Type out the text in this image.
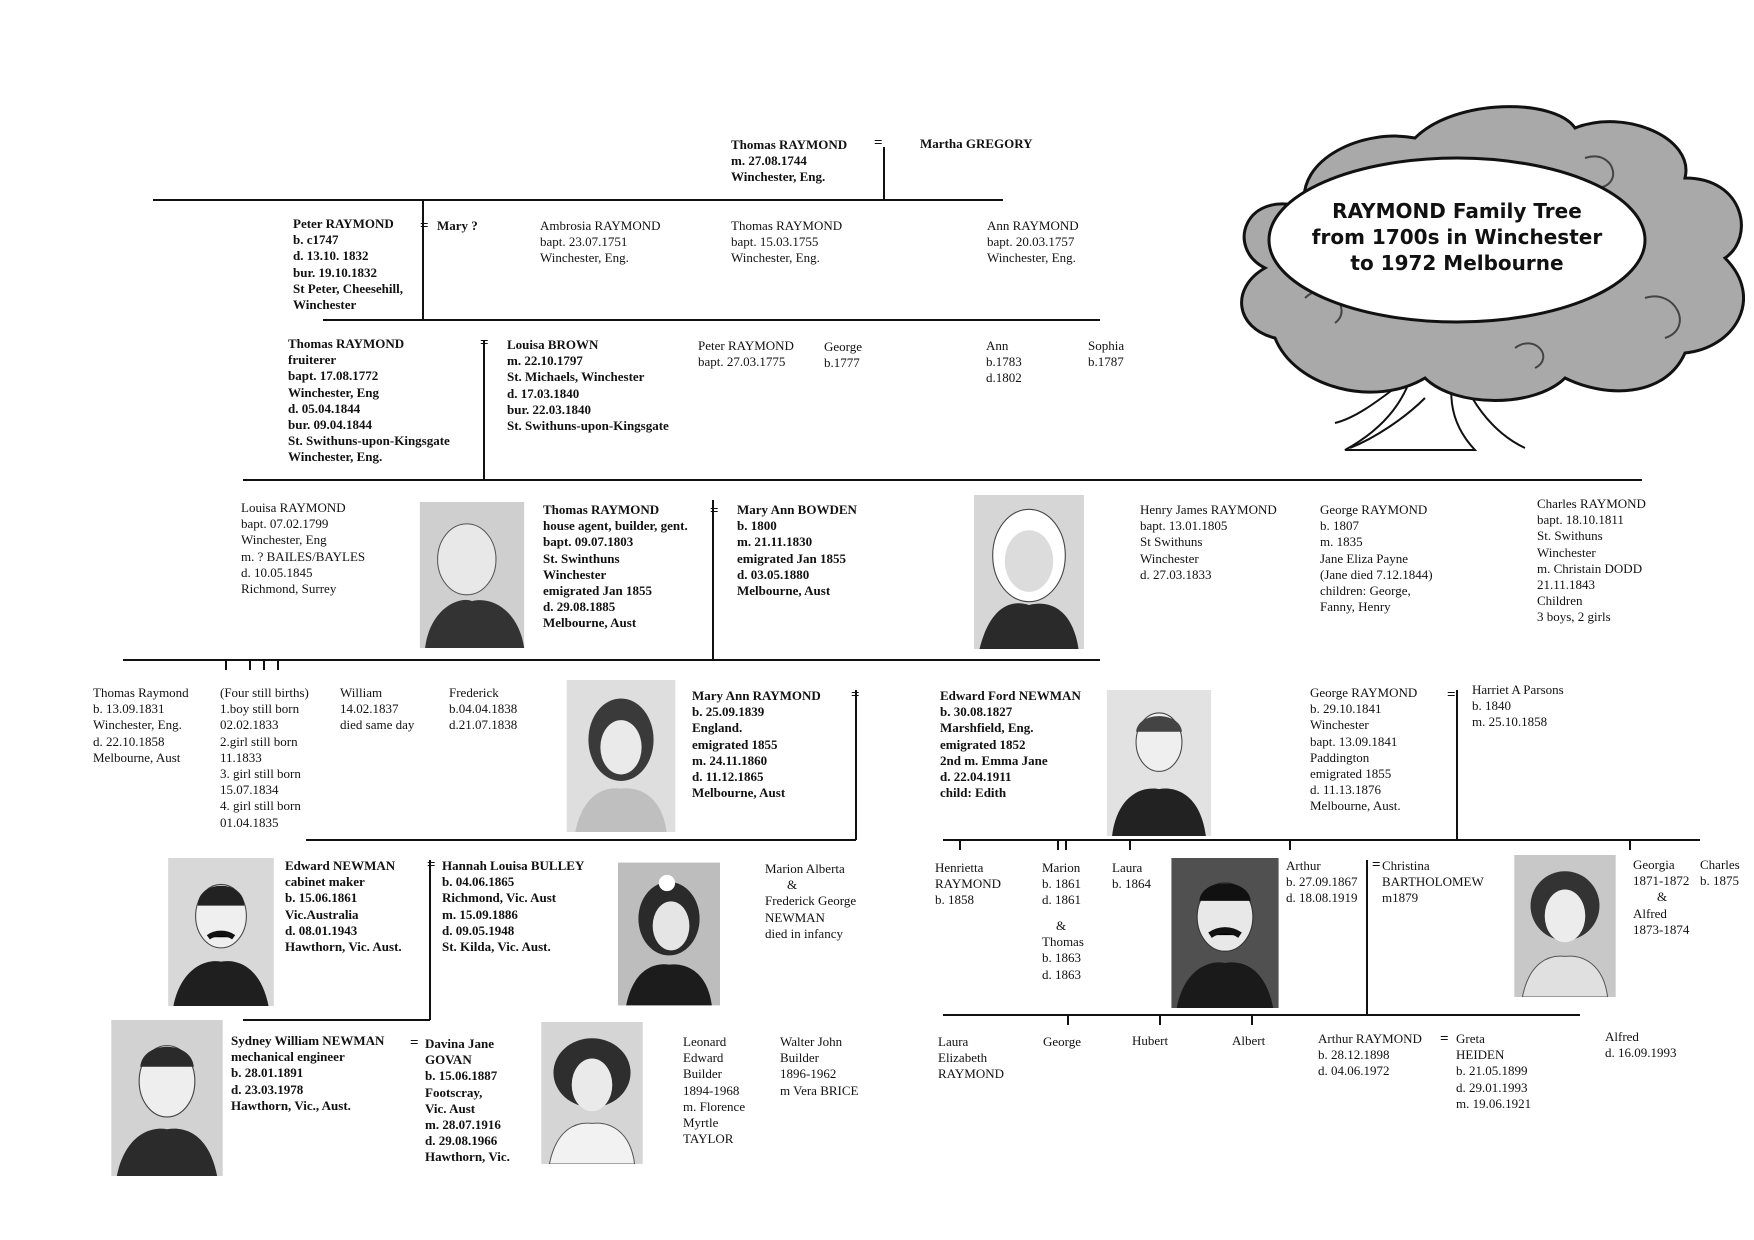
RAYMOND Family Tree
from 1700s in Winchester
to 1972 Melbourne
=
=
=
=
=	=
=	=
=	=
Thomas RAYMOND
m. 27.08.1744
Winchester, Eng.
Martha GREGORY
Peter RAYMOND
b. c1747
d. 13.10. 1832
bur. 19.10.1832
St Peter, Cheesehill,
Winchester
Mary ?	Ambrosia RAYMOND
bapt. 23.07.1751
Winchester, Eng.
Thomas RAYMOND
bapt. 15.03.1755
Winchester, Eng.
Ann RAYMOND
bapt. 20.03.1757
Winchester, Eng.
Thomas RAYMOND
fruiterer
bapt. 17.08.1772
Winchester, Eng
d. 05.04.1844
bur. 09.04.1844
St. Swithuns-upon-Kingsgate
Winchester, Eng.
Louisa BROWN
m. 22.10.1797
St. Michaels, Winchester
d. 17.03.1840
bur. 22.03.1840
St. Swithuns-upon-Kingsgate
Peter RAYMOND
bapt. 27.03.1775
George
b.1777
Ann
b.1783
d.1802
Sophia
b.1787
Louisa RAYMOND
bapt. 07.02.1799
Winchester, Eng
m. ? BAILES/BAYLES
d. 10.05.1845
Richmond, Surrey
Thomas RAYMOND
house agent, builder, gent.
bapt. 09.07.1803
St. Swinthuns
Winchester
emigrated Jan 1855
d. 29.08.1885
Melbourne, Aust
Mary Ann BOWDEN
b. 1800
m. 21.11.1830
emigrated Jan 1855
d. 03.05.1880
Melbourne, Aust
Henry James RAYMOND
bapt. 13.01.1805
St Swithuns
Winchester
d. 27.03.1833
George RAYMOND
b. 1807
m. 1835
Jane Eliza Payne
(Jane died 7.12.1844)
children: George,
Fanny, Henry
Charles RAYMOND
bapt. 18.10.1811
St. Swithuns
Winchester
m. Christain DODD
21.11.1843
Children
3 boys, 2 girls
Thomas Raymond
b. 13.09.1831
Winchester, Eng.
d. 22.10.1858
Melbourne, Aust
(Four still births)
1.boy still born
02.02.1833
2.girl still born
11.1833
3. girl still born
15.07.1834
4. girl still born
01.04.1835
William
14.02.1837
died same day
Frederick
b.04.04.1838
d.21.07.1838
Mary Ann RAYMOND
b. 25.09.1839
England.
emigrated 1855
m. 24.11.1860
d. 11.12.1865
Melbourne, Aust
Edward Ford NEWMAN
b. 30.08.1827
Marshfield, Eng.
emigrated 1852
2nd m. Emma Jane
d. 22.04.1911
child: Edith
George RAYMOND
b. 29.10.1841
Winchester
bapt. 13.09.1841
Paddington
emigrated 1855
d. 11.13.1876
Melbourne, Aust.
Harriet A Parsons
b. 1840
m. 25.10.1858
Edward NEWMAN
cabinet maker
b. 15.06.1861
Vic.Australia
d. 08.01.1943
Hawthorn, Vic. Aust.
Hannah Louisa BULLEY
b. 04.06.1865
Richmond, Vic. Aust
m. 15.09.1886
d. 09.05.1948
St. Kilda, Vic. Aust.
Marion Alberta
&
Frederick George
NEWMAN
died in infancy
Henrietta
RAYMOND
b. 1858
Marion
b. 1861
d. 1861
&
Thomas
b. 1863
d. 1863
Laura
b. 1864
Arthur
b. 27.09.1867
d. 18.08.1919
Christina
BARTHOLOMEW
m1879
Georgia
1871-1872
&
Alfred
1873-1874
Charles
b. 1875
Sydney William NEWMAN
mechanical engineer
b. 28.01.1891
d. 23.03.1978
Hawthorn, Vic., Aust.
Davina Jane
GOVAN
b. 15.06.1887
Footscray,
Vic. Aust
m. 28.07.1916
d. 29.08.1966
Hawthorn, Vic.
Leonard
Edward
Builder
1894-1968
m. Florence
Myrtle
TAYLOR
Walter John
Builder
1896-1962
m Vera BRICE
Laura
Elizabeth
RAYMOND
George	Hubert	Albert	Arthur RAYMOND
b. 28.12.1898
d. 04.06.1972
Greta
HEIDEN
b. 21.05.1899
d. 29.01.1993
m. 19.06.1921
Alfred
d. 16.09.1993
